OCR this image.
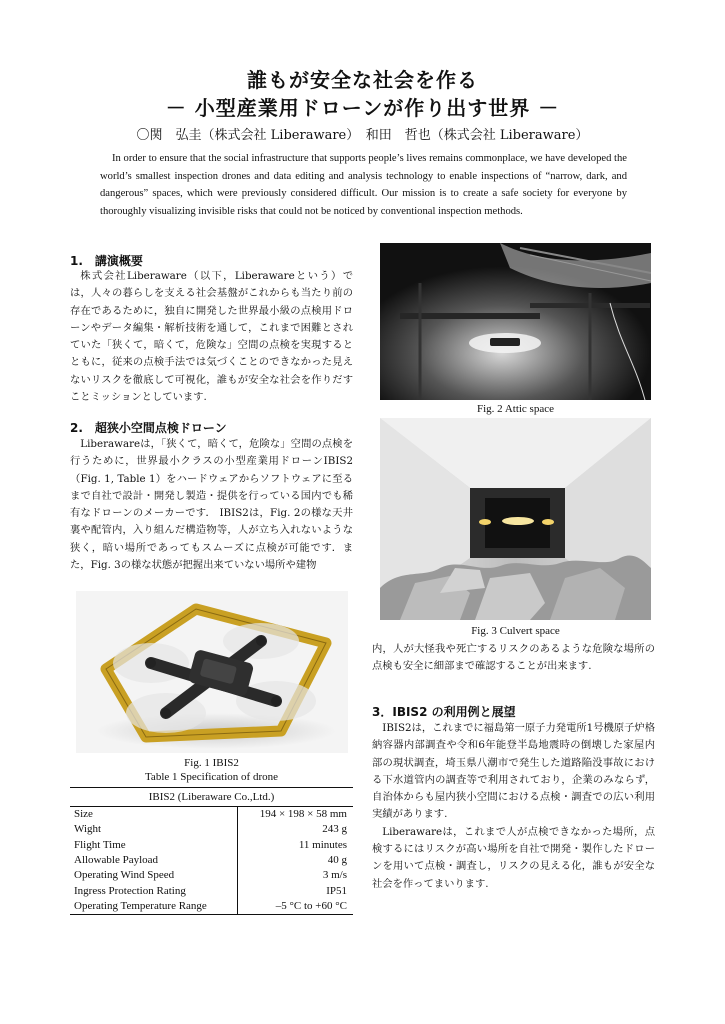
誰もが安全な社会を作る
－ 小型産業用ドローンが作り出す世界 －
〇関　弘圭（株式会社 Liberaware）　和田　哲也（株式会社 Liberaware）

In order to ensure that the social infrastructure that supports people’s lives remains commonplace, we have developed the world’s smallest inspection drones and data editing and analysis technology to enable inspections of “narrow, dark, and dangerous” spaces, which were previously considered difficult. Our mission is to create a safe society for everyone by thoroughly visualizing invisible risks that could not be noticed by conventional inspection methods.

1.　講演概要

株式会社Liberaware（以下，Liberawareという）では，人々の暮らしを支える社会基盤がこれからも当たり前の存在であるために，独自に開発した世界最小級の点検用ドローンやデータ編集・解析技術を通して，これまで困難とされていた「狭くて，暗くて，危険な」空間の点検を実現するとともに，従来の点検手法では気づくことのできなかった見えないリスクを徹底して可視化，誰もが安全な社会を作りだすことミッションとしています.

2.　超狭小空間点検ドローン

Liberawareは，「狭くて，暗くて，危険な」空間の点検を行うために，世界最小クラスの小型産業用ドローンIBIS2（Fig. 1, Table 1）をハードウェアからソフトウェアに至るまで自社で設計・開発し製造・提供を行っている国内でも稀有なドローンのメーカーです． IBIS2は，Fig. 2の様な天井裏や配管内，入り組んだ構造物等，人が立ち入れないような狭く，暗い場所であってもスムーズに点検が可能です．また，Fig. 3の様な状態が把握出来ていない場所や建物

Fig. 1 IBIS2
Table 1 Specification of drone
IBIS2 (Liberaware Co.,Ltd.)	
Size	194 × 198 × 58 mm
Wight	243 g
Flight Time	11 minutes
Allowable Payload	40 g
Operating Wind Speed	3 m/s
Ingress Protection Rating	IP51
Operating Temperature Range	–5 °C to +60 °C
Fig. 2 Attic space
Fig. 3 Culvert space

内，人が大怪我や死亡するリスクのあるような危険な場所の点検も安全に細部まで確認することが出来ます.

3．IBIS2 の利用例と展望

IBIS2は，これまでに福島第一原子力発電所1号機原子炉格納容器内部調査や令和6年能登半島地震時の倒壊した家屋内部の現状調査，埼玉県八潮市で発生した道路陥没事故における下水道管内の調査等で利用されており，企業のみならず，自治体からも屋内狭小空間における点検・調査での広い利用実績があります.

Liberawareは，これまで人が点検できなかった場所，点検するにはリスクが高い場所を自社で開発・製作したドローンを用いて点検・調査し，リスクの見える化，誰もが安全な社会を作ってまいります.
